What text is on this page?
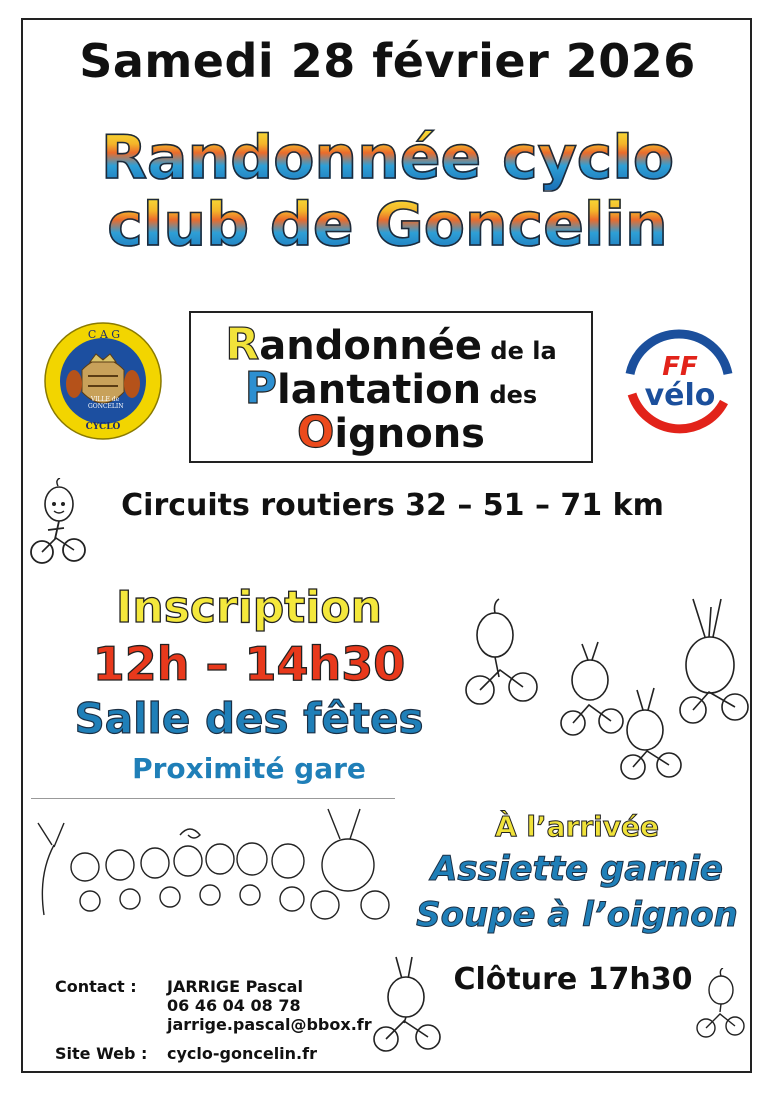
Samedi 28 février 2026
Randonnée cyclo
club de Goncelin
C A G
VILLE de GONCELIN
CYCLO
FF
vélo
Randonnée de la
Plantation des
Oignons
Circuits routiers 32 – 51 – 71 km
Inscription
12h – 14h30
Salle des fêtes
Proximité gare
À l’arrivée
Assiette garnie
Soupe à l’oignon
Clôture 17h30
Contact : JARRIGE Pascal
06 46 04 08 78
jarrige.pascal@bbox.fr
Site Web : cyclo-goncelin.fr
